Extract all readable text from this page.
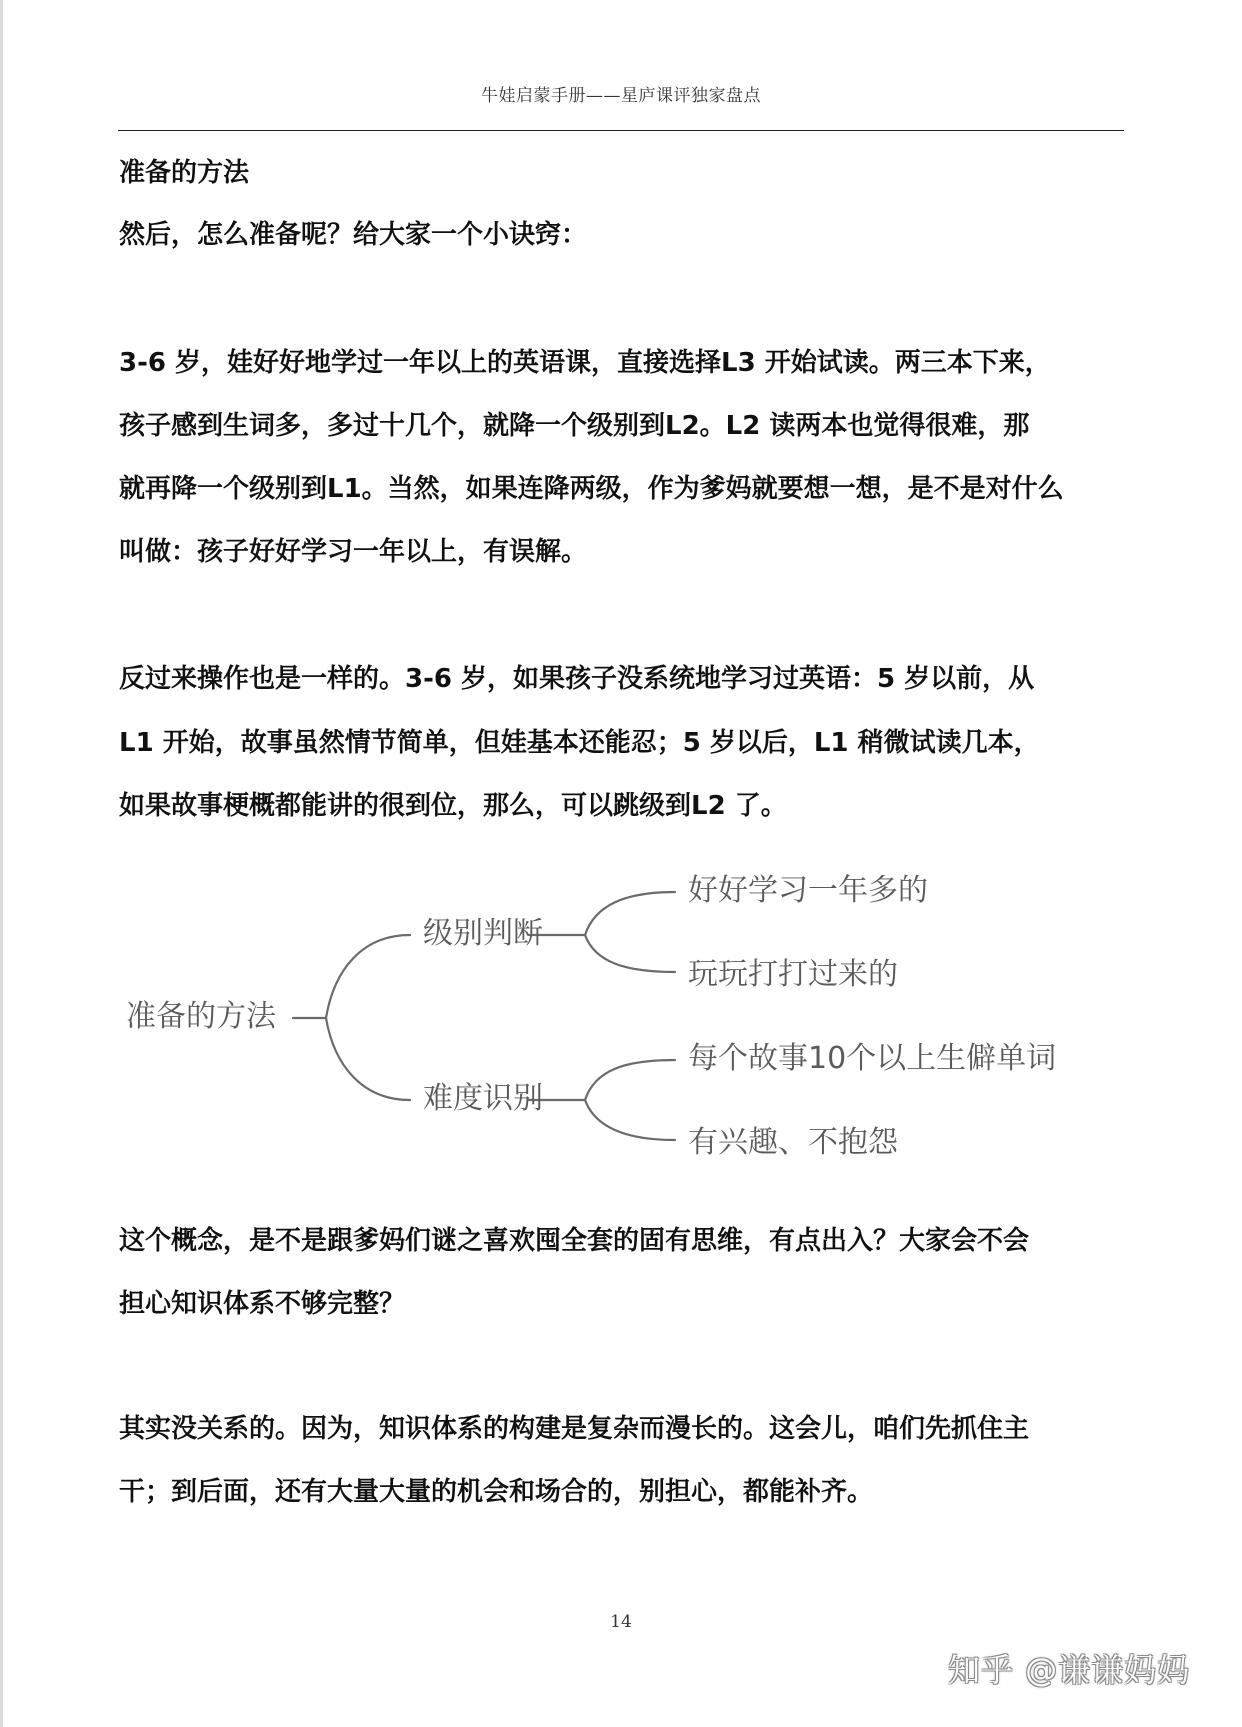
牛娃启蒙手册——星庐课评独家盘点
准备的方法
然后，怎么准备呢？给大家一个小诀窍：
3-6 岁，娃好好地学过一年以上的英语课，直接选择L3 开始试读。两三本下来，
孩子感到生词多，多过十几个，就降一个级别到L2。L2 读两本也觉得很难，那
就再降一个级别到L1。当然，如果连降两级，作为爹妈就要想一想，是不是对什么
叫做：孩子好好学习一年以上，有误解。
反过来操作也是一样的。3-6 岁，如果孩子没系统地学习过英语：5 岁以前，从
L1 开始，故事虽然情节简单，但娃基本还能忍；5 岁以后，L1 稍微试读几本，
如果故事梗概都能讲的很到位，那么，可以跳级到L2 了。
准备的方法
级别判断
难度识别
好好学习一年多的
玩玩打打过来的
每个故事10个以上生僻单词
有兴趣、不抱怨
这个概念，是不是跟爹妈们谜之喜欢囤全套的固有思维，有点出入？大家会不会
担心知识体系不够完整？
其实没关系的。因为，知识体系的构建是复杂而漫长的。这会儿，咱们先抓住主
干；到后面，还有大量大量的机会和场合的，别担心，都能补齐。
14
知乎 @谦谦妈妈
